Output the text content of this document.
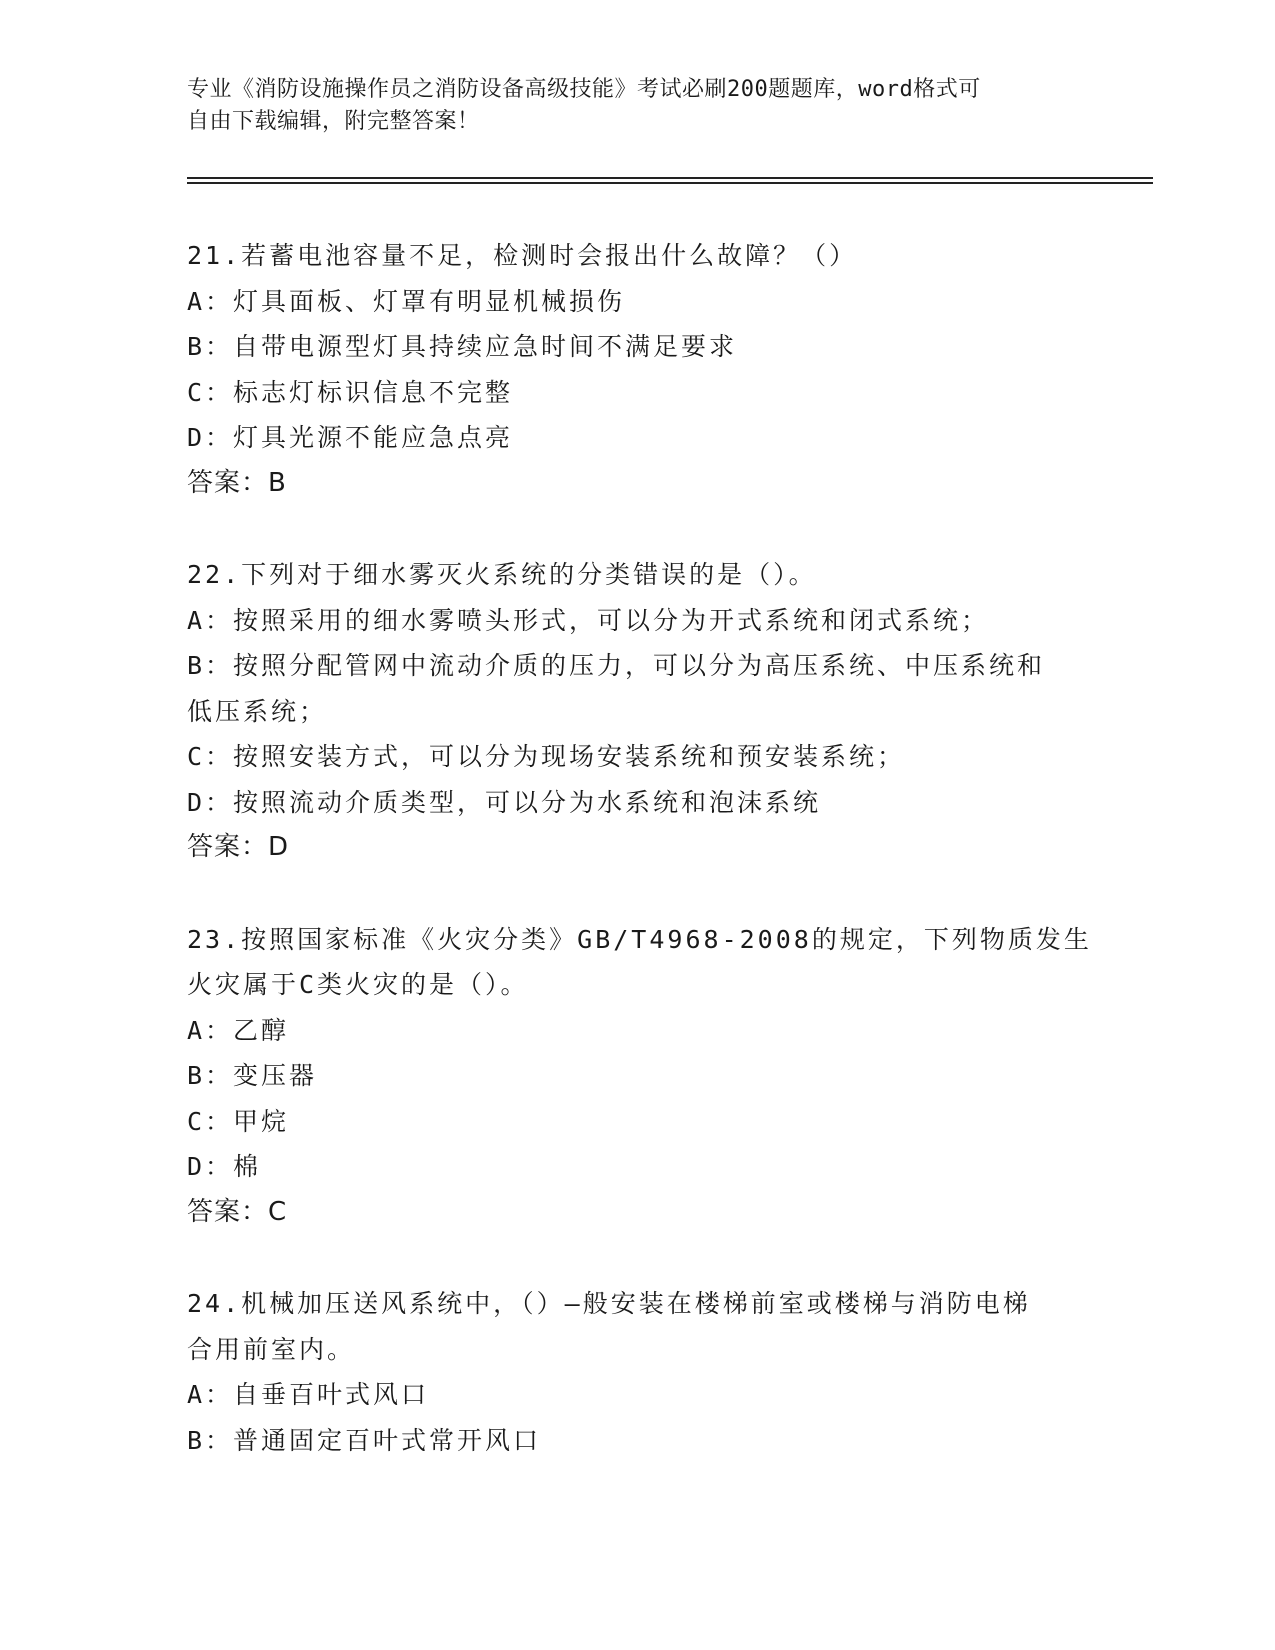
专业《消防设施操作员之消防设备高级技能》考试必刷200题题库，word格式可
自由下载编辑，附完整答案！
21.若蓄电池容量不足，检测时会报出什么故障？（）
A：灯具面板、灯罩有明显机械损伤
B：自带电源型灯具持续应急时间不满足要求
C：标志灯标识信息不完整
D：灯具光源不能应急点亮
答案：B
22.下列对于细水雾灭火系统的分类错误的是（）。
A：按照采用的细水雾喷头形式，可以分为开式系统和闭式系统；
B：按照分配管网中流动介质的压力，可以分为高压系统、中压系统和
低压系统；
C：按照安装方式，可以分为现场安装系统和预安装系统；
D：按照流动介质类型，可以分为水系统和泡沫系统
答案：D
23.按照国家标准《火灾分类》GB/T4968-2008的规定，下列物质发生
火灾属于C类火灾的是（）。
A：乙醇
B：变压器
C：甲烷
D：棉
答案：C
24.机械加压送风系统中，（）—般安装在楼梯前室或楼梯与消防电梯
合用前室内。
A：自垂百叶式风口
B：普通固定百叶式常开风口
